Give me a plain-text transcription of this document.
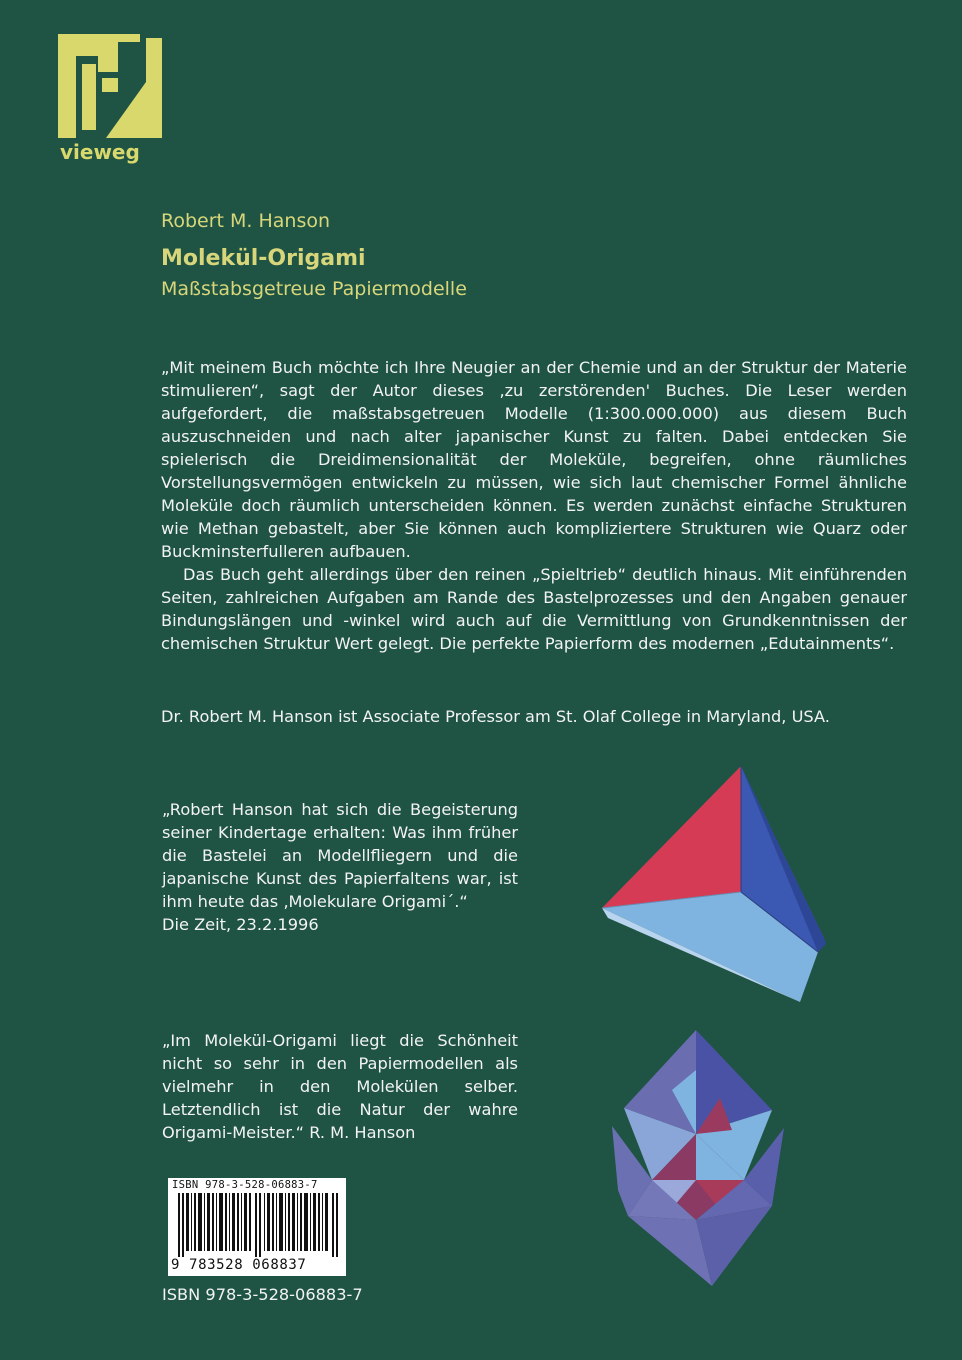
vieweg
Robert M. Hanson
Molekül-Origami
Maßstabsgetreue Papiermodelle

„Mit meinem Buch möchte ich Ihre Neugier an der Chemie und an der Struktur der Materie stimulieren“, sagt der Autor dieses ‚zu zerstörenden' Buches. Die Leser werden aufgefordert, die maßstabsgetreuen Modelle (1:300.000.000) aus diesem Buch auszuschneiden und nach alter japanischer Kunst zu falten. Dabei entdecken Sie spielerisch die Dreidimensionalität der Moleküle, begreifen, ohne räumliches Vorstellungsvermögen entwickeln zu müssen, wie sich laut chemischer Formel ähnliche Moleküle doch räumlich unterscheiden können. Es werden zunächst einfache Strukturen wie Methan gebastelt, aber Sie können auch kompliziertere Strukturen wie Quarz oder Buckminsterfulleren aufbauen.

Das Buch geht allerdings über den reinen „Spieltrieb“ deutlich hinaus. Mit einführenden Seiten, zahlreichen Aufgaben am Rande des Bastelprozesses und den Angaben genauer Bindungslängen und -winkel wird auch auf die Vermittlung von Grundkenntnissen der chemischen Struktur Wert gelegt. Die perfekte Papierform des modernen „Edutainments“.

Dr. Robert M. Hanson ist Associate Professor am St. Olaf College in Maryland, USA.
„Robert Hanson hat sich die Begeisterung seiner Kindertage erhalten: Was ihm früher die Bastelei an Modellfliegern und die japanische Kunst des Papierfaltens war, ist ihm heute das ‚Molekulare Origami´.“
Die Zeit, 23.2.1996
„Im Molekül-Origami liegt die Schönheit nicht so sehr in den Papiermodellen als vielmehr in den Molekülen selber. Letztendlich ist die Natur der wahre Origami-Meister.“ R. M. Hanson
ISBN 978-3-528-06883-7
9 783528 068837
ISBN 978-3-528-06883-7
